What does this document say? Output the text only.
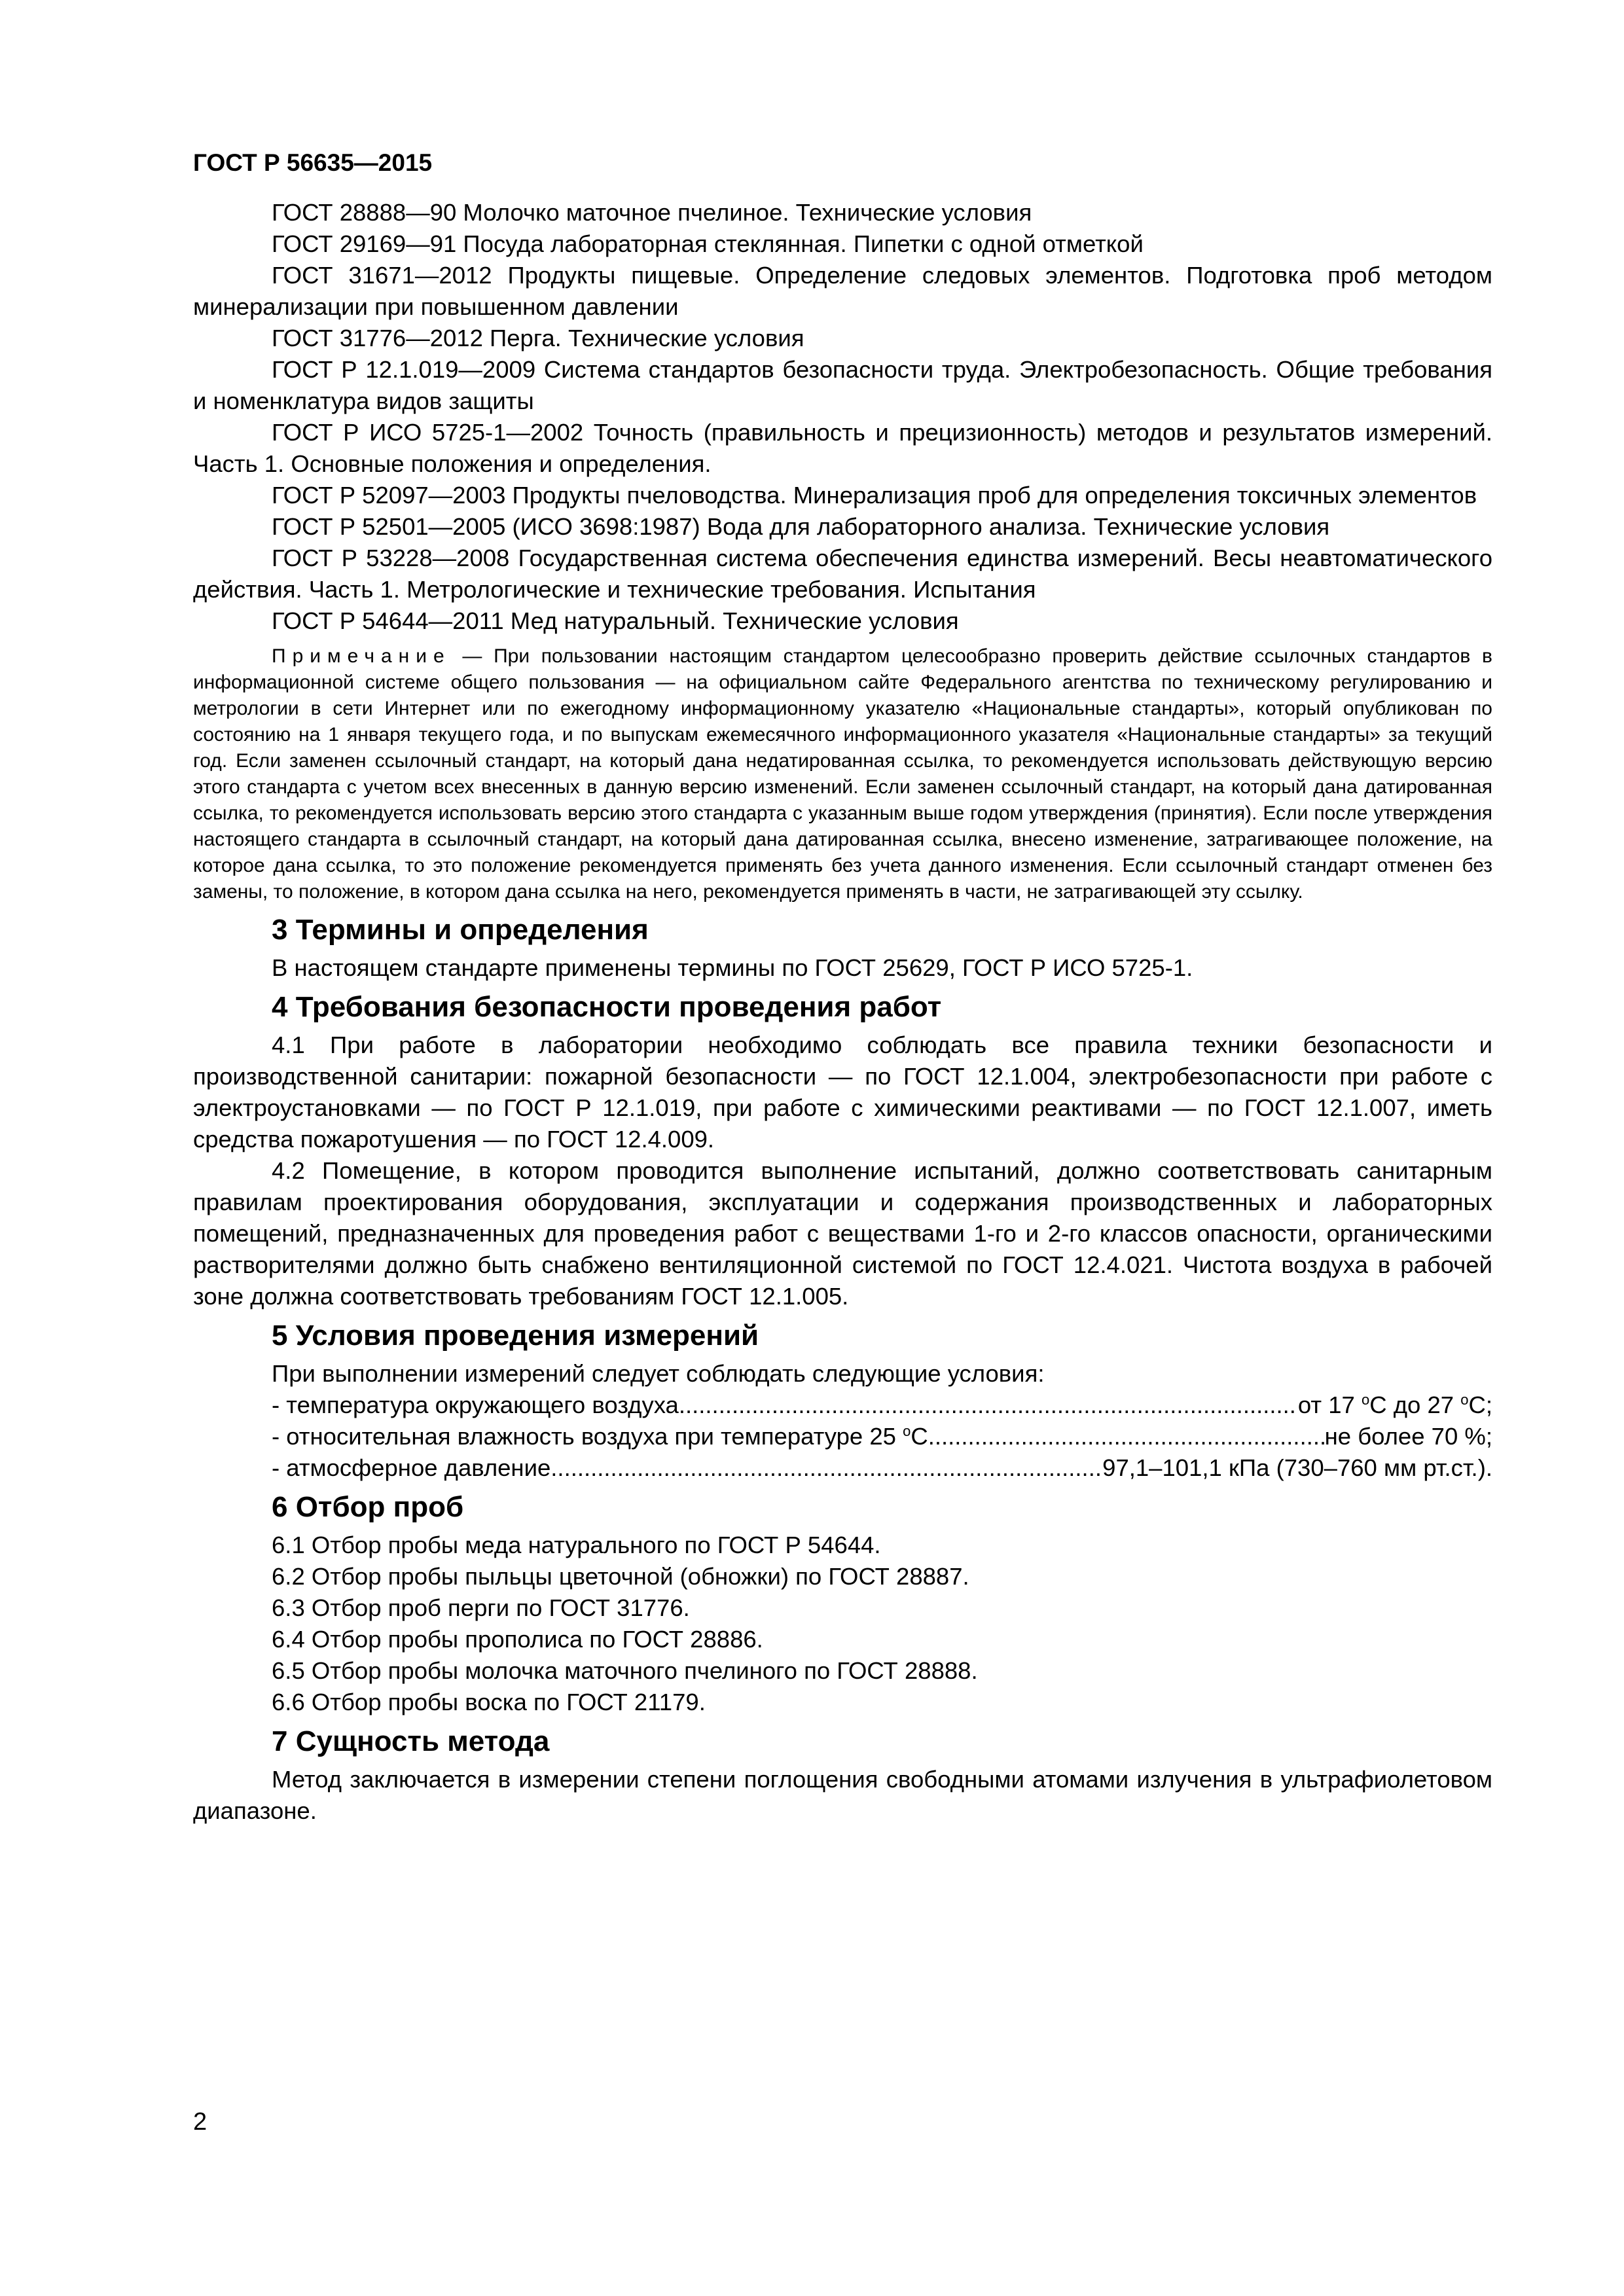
ГОСТ Р 56635—2015

ГОСТ 28888—90 Молочко маточное пчелиное. Технические условия

ГОСТ 29169—91 Посуда лабораторная стеклянная. Пипетки с одной отметкой

ГОСТ 31671—2012 Продукты пищевые. Определение следовых элементов. Подготовка проб методом минерализации при повышенном давлении

ГОСТ 31776—2012 Перга. Технические условия

ГОСТ Р 12.1.019—2009 Система стандартов безопасности труда. Электробезопасность. Общие требования и номенклатура видов защиты

ГОСТ Р ИСО 5725-1—2002 Точность (правильность и прецизионность) методов и результатов измерений. Часть 1. Основные положения и определения.

ГОСТ Р 52097—2003 Продукты пчеловодства. Минерализация проб для определения токсичных элементов

ГОСТ Р 52501—2005 (ИСО 3698:1987) Вода для лабораторного анализа. Технические условия

ГОСТ Р 53228—2008 Государственная система обеспечения единства измерений. Весы неавтоматического действия. Часть 1. Метрологические и технические требования. Испытания

ГОСТ Р 54644—2011 Мед натуральный. Технические условия

Примечание — При пользовании настоящим стандартом целесообразно проверить действие ссылочных стандартов в информационной системе общего пользования — на официальном сайте Федерального агентства по техническому регулированию и метрологии в сети Интернет или по ежегодному информационному указателю «Национальные стандарты», который опубликован по состоянию на 1 января текущего года, и по выпускам ежемесячного информационного указателя «Национальные стандарты» за текущий год. Если заменен ссылочный стандарт, на который дана недатированная ссылка, то рекомендуется использовать действующую версию этого стандарта с учетом всех внесенных в данную версию изменений. Если заменен ссылочный стандарт, на который дана датированная ссылка, то рекомендуется использовать версию этого стандарта с указанным выше годом утверждения (принятия). Если после утверждения настоящего стандарта в ссылочный стандарт, на который дана датированная ссылка, внесено изменение, затрагивающее положение, на которое дана ссылка, то это положение рекомендуется применять без учета данного изменения. Если ссылочный стандарт отменен без замены, то положение, в котором дана ссылка на него, рекомендуется применять в части, не затрагивающей эту ссылку.

3 Термины и определения

В настоящем стандарте применены термины по ГОСТ 25629, ГОСТ Р ИСО 5725-1.

4 Требования безопасности проведения работ

4.1 При работе в лаборатории необходимо соблюдать все правила техники безопасности и производственной санитарии: пожарной безопасности — по ГОСТ 12.1.004, электробезопасности при работе с электроустановками — по ГОСТ Р 12.1.019, при работе с химическими реактивами — по ГОСТ 12.1.007, иметь средства пожаротушения — по ГОСТ 12.4.009.

4.2 Помещение, в котором проводится выполнение испытаний, должно соответствовать санитарным правилам проектирования оборудования, эксплуатации и содержания производственных и лабораторных помещений, предназначенных для проведения работ с веществами 1-го и 2-го классов опасности, органическими растворителями должно быть снабжено вентиляционной системой по ГОСТ 12.4.021. Чистота воздуха в рабочей зоне должна соответствовать требованиям ГОСТ 12.1.005.

5 Условия проведения измерений

При выполнении измерений следует соблюдать следующие условия:

- температура окружающего воздуха .....	от 17 $^о$С до 27 $^о$С;
- относительная влажность воздуха при температуре 25 $^о$С .....	не более 70 %;
- атмосферное давление .....	97,1–101,1 кПа (730–760 мм рт.ст.).
6 Отбор проб

6.1 Отбор пробы меда натурального по ГОСТ Р 54644.

6.2 Отбор пробы пыльцы цветочной (обножки) по ГОСТ 28887.

6.3 Отбор проб перги по ГОСТ 31776.

6.4 Отбор пробы прополиса по ГОСТ 28886.

6.5 Отбор пробы молочка маточного пчелиного по ГОСТ 28888.

6.6 Отбор пробы воска по ГОСТ 21179.

7 Сущность метода

Метод заключается в измерении степени поглощения свободными атомами излучения в ультрафиолетовом диапазоне.

2
